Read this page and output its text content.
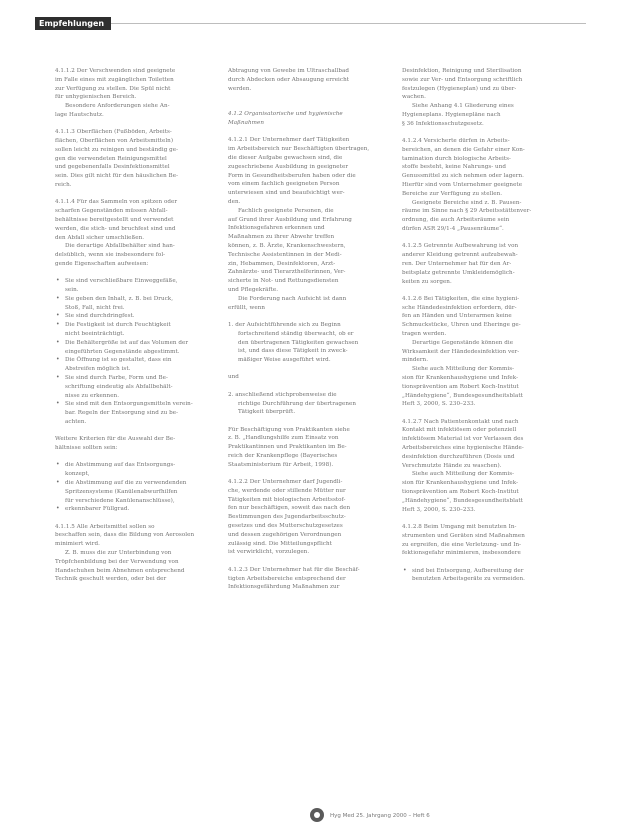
Empfehlungen
4.1.1.2 Der Verschwenden sind geeignete
im Falle eines mit zugänglichen Toiletten
zur Verfügung zu stellen. Die Spül nicht
für unhygienischen Bereich.
Besondere Anforderungen siehe An-
lage Hautschutz.
4.1.1.3 Oberflächen (Fußböden, Arbeits-
flächen, Oberflächen von Arbeitsmitteln)
sollen leicht zu reinigen und beständig ge-
gen die verwendeten Reinigungsmittel
und gegebenenfalls Desinfektionsmittel
sein. Dies gilt nicht für den häuslichen Be-
reich.
4.1.1.4 Für das Sammeln von spitzen oder
scharfen Gegenständen müssen Abfall-
behältnisse bereitgestellt und verwendet
werden, die stich- und bruchfest sind und
den Abfall sicher umschließen.
Die derartige Abfallbehälter sind han-
delsüblich, wenn sie insbesondere fol-
gende Eigenschaften aufweisen:
• Sie sind verschließbare Einweggefäße,
sein.
• Sie geben den Inhalt, z. B. bei Druck,
Stoß, Fall, nicht frei.
• Sie sind durchdringfest.
• Die Festigkeit ist durch Feuchtigkeit
nicht beeinträchtigt.
• Die Behältergröße ist auf das Volumen der
eingeführten Gegenstände abgestimmt.
• Die Öffnung ist so gestaltet, dass ein
Abstreifen möglich ist.
• Sie sind durch Farbe, Form und Be-
schriftung eindeutig als Abfallbehält-
nisse zu erkennen.
• Sie sind mit den Entsorgungsmitteln verein-
bar. Regeln der Entsorgung sind zu be-
achten.
Weitere Kriterien für die Auswahl der Be-
hältnisse sollten sein:
• die Abstimmung auf das Entsorgungs-
konzept,
• die Abstimmung auf die zu verwendenden
Spritzensysteme (Kanülenabwurfhilfen
für verschiedene Kanülenanschlüsse),
• erkennbarer Füllgrad.
4.1.1.5 Alle Arbeitsmittel sollen so
beschaffen sein, dass die Bildung von Aerosolen
minimiert wird.
Z. B. muss die zur Unterbindung von
Tröpfchenbildung bei der Verwendung von
Handschuhen beim Abnehmen entsprechend
Technik geschult werden, oder bei der
Abtragung von Gewebe im Ultraschallbad
durch Abdecken oder Absaugung erreicht
werden.
4.1.2 Organisatorische und hygienische
Maßnahmen
4.1.2.1 Der Unternehmer darf Tätigkeiten
im Arbeitsbereich nur Beschäftigten übertragen,
die dieser Aufgabe gewachsen sind, die
zugeschriebene Ausbildung in geeigneter
Form in Gesundheitsberufen haben oder die
vom einem fachlich geeigneten Person
unterwiesen sind und beaufsichtigt wer-
den.
Fachlich geeignete Personen, die
auf Grund ihrer Ausbildung und Erfahrung
Infektionsgefahren erkennen und
Maßnahmen zu ihrer Abwehr treffen
können, z. B. Ärzte, Krankenschwestern,
Technische Assistentinnen in der Medi-
zin, Hebammen, Desinfektoren, Arzt-
Zahnärzte- und Tierarzthelferinnen, Ver-
sicherte in Not- und Rettungsdiensten
und Pflegekräfte.
Die Forderung nach Aufsicht ist dann
erfüllt, wenn
1. der Aufsichtführende sich zu Beginn
fortschreitend ständig überwacht, ob er
den übertragenen Tätigkeiten gewachsen
ist, und dass diese Tätigkeit in zweck-
mäßiger Weise ausgeführt wird.
und
2. anschließend stichprobenweise die
richtige Durchführung der übertragenen
Tätigkeit überprüft.
Für Beschäftigung von Praktikanten siehe
z. B. „Handlungshilfe zum Einsatz von
Praktikantinnen und Praktikanten im Be-
reich der Krankenpflege (Bayerisches
Staatsministerium für Arbeit, 1998).
4.1.2.2 Der Unternehmer darf Jugendli-
che, werdende oder stillende Mütter nur
Tätigkeiten mit biologischen Arbeitsstof-
fen nur beschäftigen, soweit das nach den
Bestimmungen des Jugendarbeitsschutz-
gesetzes und des Mutterschutzgesetzes
und dessen zugehörigen Verordnungen
zulässig sind. Die Mitteilungspflicht
ist verwirklicht, vorzulegen.
4.1.2.3 Der Unternehmer hat für die Beschäf-
tigten Arbeitsbereiche entsprechend der
Infektionsgefährdung Maßnahmen zur
Desinfektion, Reinigung und Sterilisation
sowie zur Ver- und Entsorgung schriftlich
festzulegen (Hygieneplan) und zu über-
wachen.
Siehe Anhang 4.1 Gliederung eines
Hygieneplans. Hygienepläne nach
§ 36 Infektionsschutzgesetz.
4.1.2.4 Versicherte dürfen in Arbeits-
bereichen, an denen die Gefahr einer Kon-
tamination durch biologische Arbeits-
stoffe besteht, keine Nahrungs- und
Genussmittel zu sich nehmen oder lagern.
Hierfür sind vom Unternehmer geeignete
Bereiche zur Verfügung zu stellen.
Geeignete Bereiche sind z. B. Pausen-
räume im Sinne nach § 29 Arbeitsstättenver-
ordnung, die auch Arbeitsräume sein
dürfen ASR 29/1-4 „Pausenräume“.
4.1.2.5 Getrennte Aufbewahrung ist von
anderer Kleidung getrennt aufzubewah-
ren. Der Unternehmer hat für den Ar-
beitsplatz getrennte Umkleidemöglich-
keiten zu sorgen.
4.1.2.6 Bei Tätigkeiten, die eine hygieni-
sche Händedesinfektion erfordern, dür-
fen an Händen und Unterarmen keine
Schmuckstücke, Uhren und Eheringe ge-
tragen werden.
Derartige Gegenstände können die
Wirksamkeit der Händedesinfektion ver-
mindern.
Siehe auch Mitteilung der Kommis-
sion für Krankenhaushygiene und Infek-
tionsprävention am Robert Koch-Institut
„Händehygiene“, Bundesgesundheitsblatt
Heft 3, 2000, S. 230–233.
4.1.2.7 Nach Patientenkontakt und nach
Kontakt mit infektiösem oder potenziell
infektiösem Material ist vor Verlassen des
Arbeitsbereiches eine hygienische Hände-
desinfektion durchzuführen (Dosis und
Verschmutzte Hände zu waschen).
Siehe auch Mitteilung der Kommis-
sion für Krankenhaushygiene und Infek-
tionsprävention am Robert Koch-Institut
„Händehygiene“, Bundesgesundheitsblatt
Heft 3, 2000, S. 230–233.
4.1.2.8 Beim Umgang mit benutzten In-
strumenten und Geräten sind Maßnahmen
zu ergreifen, die eine Verletzung- und In-
fektionsgefahr minimieren, insbesondere
• sind bei Entsorgung, Aufbereitung der
benutzten Arbeitsgeräte zu vermeiden.
Hyg Med 25. Jahrgang 2000 – Heft 6
